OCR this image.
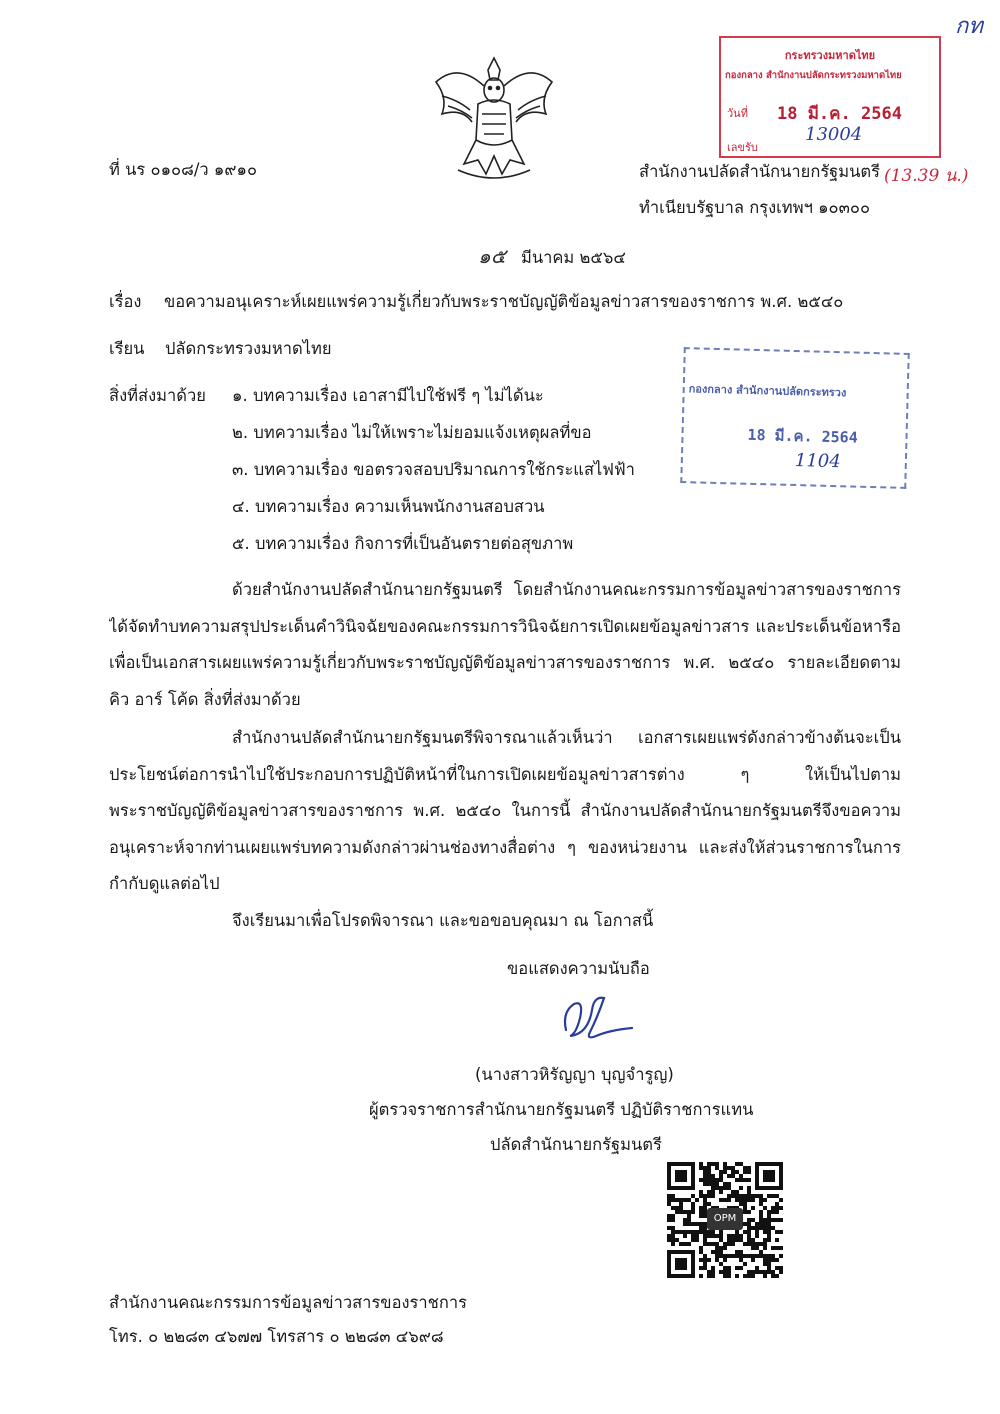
กท
ที่ นร ๐๑๐๘/ว ๑๙๑๐	สำนักงานปลัดสำนักนายกรัฐมนตรี (13.39 น.)
ทำเนียบรัฐบาล กรุงเทพฯ ๑๐๓๐๐
๑๕ มีนาคม ๒๕๖๔
เรื่อง ขอความอนุเคราะห์เผยแพร่ความรู้เกี่ยวกับพระราชบัญญัติข้อมูลข่าวสารของราชการ พ.ศ. ๒๕๔๐
เรียน ปลัดกระทรวงมหาดไทย
สิ่งที่ส่งมาด้วย ๑. บทความเรื่อง เอาสามีไปใช้ฟรี ๆ ไม่ได้นะ
๒. บทความเรื่อง ไม่ให้เพราะไม่ยอมแจ้งเหตุผลที่ขอ
๓. บทความเรื่อง ขอตรวจสอบปริมาณการใช้กระแสไฟฟ้า
๔. บทความเรื่อง ความเห็นพนักงานสอบสวน
๕. บทความเรื่อง กิจการที่เป็นอันตรายต่อสุขภาพ
ด้วยสำนักงานปลัดสำนักนายกรัฐมนตรี โดยสำนักงานคณะกรรมการข้อมูลข่าวสารของราชการ
ได้จัดทำบทความสรุปประเด็นคำวินิจฉัยของคณะกรรมการวินิจฉัยการเปิดเผยข้อมูลข่าวสาร และประเด็นข้อหารือ
เพื่อเป็นเอกสารเผยแพร่ความรู้เกี่ยวกับพระราชบัญญัติข้อมูลข่าวสารของราชการ พ.ศ. ๒๕๔๐ รายละเอียดตาม
คิว อาร์ โค้ด สิ่งที่ส่งมาด้วย
สำนักงานปลัดสำนักนายกรัฐมนตรีพิจารณาแล้วเห็นว่า เอกสารเผยแพร่ดังกล่าวข้างต้นจะเป็น
ประโยชน์ต่อการนำไปใช้ประกอบการปฏิบัติหน้าที่ในการเปิดเผยข้อมูลข่าวสารต่าง ๆ ให้เป็นไปตาม
พระราชบัญญัติข้อมูลข่าวสารของราชการ พ.ศ. ๒๕๔๐ ในการนี้ สำนักงานปลัดสำนักนายกรัฐมนตรีจึงขอความ
อนุเคราะห์จากท่านเผยแพร่บทความดังกล่าวผ่านช่องทางสื่อต่าง ๆ ของหน่วยงาน และส่งให้ส่วนราชการในการ
กำกับดูแลต่อไป
จึงเรียนมาเพื่อโปรดพิจารณา และขอขอบคุณมา ณ โอกาสนี้
ขอแสดงความนับถือ
(นางสาวหิรัญญา บุญจำรูญ)
ผู้ตรวจราชการสำนักนายกรัฐมนตรี ปฏิบัติราชการแทน
ปลัดสำนักนายกรัฐมนตรี
OPM
สำนักงานคณะกรรมการข้อมูลข่าวสารของราชการ
โทร. ๐ ๒๒๘๓ ๔๖๗๗ โทรสาร ๐ ๒๒๘๓ ๔๖๙๘
กระทรวงมหาดไทย
กองกลาง สำนักงานปลัดกระทรวงมหาดไทย
วันที่ 18 มี.ค. 2564
13004
เลขรับ
กองกลาง สำนักงานปลัดกระทรวง
18 มี.ค. 2564
1104
